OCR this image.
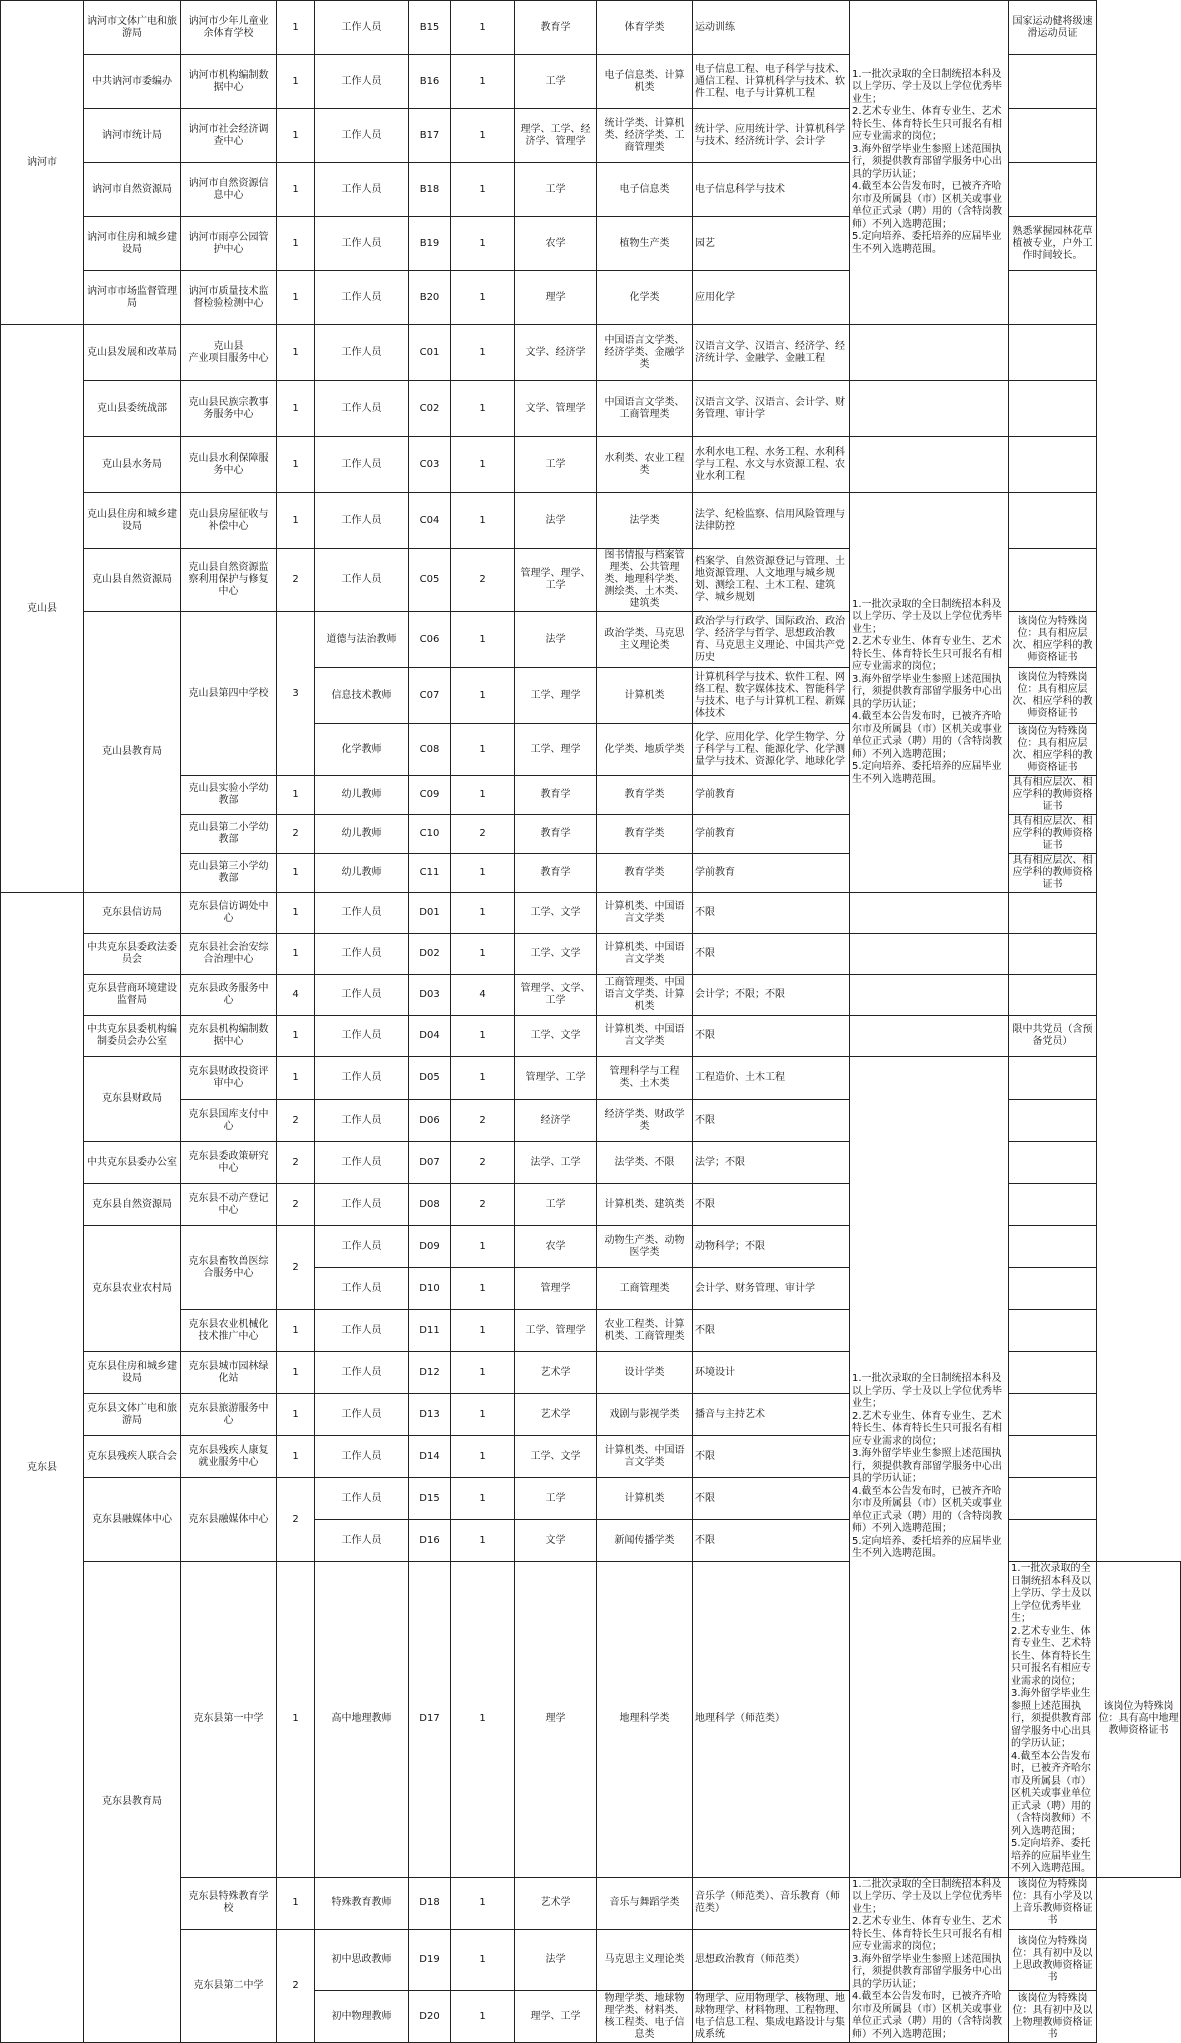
讷河市	讷河市文体广电和旅游局	讷河市少年儿童业余体育学校	1	工作人员	B15	1	教育学	体育学类	运动训练	1.一批次录取的全日制统招本科及以上学历、学士及以上学位优秀毕业生；
2.艺术专业生、体育专业生、艺术特长生、体育特长生只可报名有相应专业需求的岗位；
3.海外留学毕业生参照上述范围执行，须提供教育部留学服务中心出具的学历认证；
4.截至本公告发布时，已被齐齐哈尔市及所属县（市）区机关或事业单位正式录（聘）用的（含特岗教师）不列入选聘范围；
5.定向培养、委托培养的应届毕业生不列入选聘范围。	国家运动健将级速滑运动员证	
	中共讷河市委编办	讷河市机构编制数据中心	1	工作人员	B16	1	工学	电子信息类、计算机类	电子信息工程、电子科学与技术、通信工程、计算机科学与技术、软件工程、电子与计算机工程			
	讷河市统计局	讷河市社会经济调查中心	1	工作人员	B17	1	理学、工学、经济学、管理学	统计学类、计算机类、经济学类、工商管理类	统计学、应用统计学、计算机科学与技术、经济统计学、会计学			
	讷河市自然资源局	讷河市自然资源信息中心	1	工作人员	B18	1	工学	电子信息类	电子信息科学与技术			
	讷河市住房和城乡建设局	讷河市雨亭公园管护中心	1	工作人员	B19	1	农学	植物生产类	园艺		熟悉掌握园林花草植被专业，户外工作时间较长。	
	讷河市市场监督管理局	讷河市质量技术监督检验检测中心	1	工作人员	B20	1	理学	化学类	应用化学			
克山县	克山县发展和改革局	克山县
产业项目服务中心	1	工作人员	C01	1	文学、经济学	中国语言文学类、经济学类、金融学类	汉语言文学、汉语言、经济学、经济统计学、金融学、金融工程			
	克山县委统战部	克山县民族宗教事务服务中心	1	工作人员	C02	1	文学、管理学	中国语言文学类、工商管理类	汉语言文学、汉语言、会计学、财务管理、审计学			
	克山县水务局	克山县水利保障服务中心	1	工作人员	C03	1	工学	水利类、农业工程类	水利水电工程、水务工程、水利科学与工程、水文与水资源工程、农业水利工程			
	克山县住房和城乡建设局	克山县房屋征收与补偿中心	1	工作人员	C04	1	法学	法学类	法学、纪检监察、信用风险管理与法律防控	1.一批次录取的全日制统招本科及以上学历、学士及以上学位优秀毕业生；
2.艺术专业生、体育专业生、艺术特长生、体育特长生只可报名有相应专业需求的岗位；
3.海外留学毕业生参照上述范围执行，须提供教育部留学服务中心出具的学历认证；
4.截至本公告发布时，已被齐齐哈尔市及所属县（市）区机关或事业单位正式录（聘）用的（含特岗教师）不列入选聘范围；
5.定向培养、委托培养的应届毕业生不列入选聘范围。		
	克山县自然资源局	克山县自然资源监察利用保护与修复中心	2	工作人员	C05	2	管理学、理学、工学	图书情报与档案管理类、公共管理类、地理科学类、测绘类、土木类、建筑类	档案学、自然资源登记与管理、土地资源管理、人文地理与城乡规划、测绘工程、土木工程、建筑学、城乡规划			
	克山县教育局	克山县第四中学校	3	道德与法治教师	C06	1	法学	政治学类、马克思主义理论类	政治学与行政学、国际政治、政治学、经济学与哲学、思想政治教育、马克思主义理论、中国共产党历史		该岗位为特殊岗位：具有相应层次、相应学科的教师资格证书	
				信息技术教师	C07	1	工学、理学	计算机类	计算机科学与技术、软件工程、网络工程、数字媒体技术、智能科学与技术、电子与计算机工程、新媒体技术		该岗位为特殊岗位：具有相应层次、相应学科的教师资格证书	
				化学教师	C08	1	工学、理学	化学类、地质学类	化学、应用化学、化学生物学、分子科学与工程、能源化学、化学测量学与技术、资源化学、地球化学		该岗位为特殊岗位：具有相应层次、相应学科的教师资格证书	
		克山县实验小学幼教部	1	幼儿教师	C09	1	教育学	教育学类	学前教育		具有相应层次、相应学科的教师资格证书	
		克山县第二小学幼教部	2	幼儿教师	C10	2	教育学	教育学类	学前教育		具有相应层次、相应学科的教师资格证书	
		克山县第三小学幼教部	1	幼儿教师	C11	1	教育学	教育学类	学前教育		具有相应层次、相应学科的教师资格证书	
克东县	克东县信访局	克东县信访调处中心	1	工作人员	D01	1	工学、文学	计算机类、中国语言文学类	不限			
	中共克东县委政法委员会	克东县社会治安综合治理中心	1	工作人员	D02	1	工学、文学	计算机类、中国语言文学类	不限			
	克东县营商环境建设监督局	克东县政务服务中心	4	工作人员	D03	4	管理学、文学、工学	工商管理类、中国语言文学类、计算机类	会计学；不限；不限			
	中共克东县委机构编制委员会办公室	克东县机构编制数据中心	1	工作人员	D04	1	工学、文学	计算机类、中国语言文学类	不限		限中共党员（含预备党员）	
	克东县财政局	克东县财政投资评审中心	1	工作人员	D05	1	管理学、工学	管理科学与工程类、土木类	工程造价、土木工程	1.一批次录取的全日制统招本科及以上学历、学士及以上学位优秀毕业生；
2.艺术专业生、体育专业生、艺术特长生、体育特长生只可报名有相应专业需求的岗位；
3.海外留学毕业生参照上述范围执行，须提供教育部留学服务中心出具的学历认证；
4.截至本公告发布时，已被齐齐哈尔市及所属县（市）区机关或事业单位正式录（聘）用的（含特岗教师）不列入选聘范围；
5.定向培养、委托培养的应届毕业生不列入选聘范围。		
		克东县国库支付中心	2	工作人员	D06	2	经济学	经济学类、财政学类	不限			
	中共克东县委办公室	克东县委政策研究中心	2	工作人员	D07	2	法学、工学	法学类、不限	法学；不限			
	克东县自然资源局	克东县不动产登记中心	2	工作人员	D08	2	工学	计算机类、建筑类	不限			
	克东县农业农村局	克东县畜牧兽医综合服务中心	2	工作人员	D09	1	农学	动物生产类、动物医学类	动物科学；不限			
				工作人员	D10	1	管理学	工商管理类	会计学、财务管理、审计学			
		克东县农业机械化技术推广中心	1	工作人员	D11	1	工学、管理学	农业工程类、计算机类、工商管理类	不限			
	克东县住房和城乡建设局	克东县城市园林绿化站	1	工作人员	D12	1	艺术学	设计学类	环境设计			
	克东县文体广电和旅游局	克东县旅游服务中心	1	工作人员	D13	1	艺术学	戏剧与影视学类	播音与主持艺术			
	克东县残疾人联合会	克东县残疾人康复就业服务中心	1	工作人员	D14	1	工学、文学	计算机类、中国语言文学类	不限			
	克东县融媒体中心	克东县融媒体中心	2	工作人员	D15	1	工学	计算机类	不限			
				工作人员	D16	1	文学	新闻传播学类	不限			
	克东县教育局	克东县第一中学	1	高中地理教师	D17	1	理学	地理科学类	地理科学（师范类）		1.一批次录取的全日制统招本科及以上学历、学士及以上学位优秀毕业生；
2.艺术专业生、体育专业生、艺术特长生、体育特长生只可报名有相应专业需求的岗位；
3.海外留学毕业生参照上述范围执行，须提供教育部留学服务中心出具的学历认证；
4.截至本公告发布时，已被齐齐哈尔市及所属县（市）区机关或事业单位正式录（聘）用的（含特岗教师）不列入选聘范围；
5.定向培养、委托培养的应届毕业生不列入选聘范围。	该岗位为特殊岗位：具有高中地理教师资格证书
		克东县特殊教育学校	1	特殊教育教师	D18	1	艺术学	音乐与舞蹈学类	音乐学（师范类）、音乐教育（师范类）	1.二批次录取的全日制统招本科及以上学历、学士及以上学位优秀毕业生；
2.艺术专业生、体育专业生、艺术特长生、体育特长生只可报名有相应专业需求的岗位；
3.海外留学毕业生参照上述范围执行，须提供教育部留学服务中心出具的学历认证；
4.截至本公告发布时，已被齐齐哈尔市及所属县（市）区机关或事业单位正式录（聘）用的（含特岗教师）不列入选聘范围；	该岗位为特殊岗位：具有小学及以上音乐教师资格证书	
		克东县第二中学	2	初中思政教师	D19	1	法学	马克思主义理论类	思想政治教育（师范类）		该岗位为特殊岗位：具有初中及以上思政教师资格证书	
				初中物理教师	D20	1	理学、工学	物理学类、地球物理学类、材料类、核工程类、电子信息类	物理学、应用物理学、核物理、地球物理学、材料物理、工程物理、电子信息工程、集成电路设计与集成系统		该岗位为特殊岗位：具有初中及以上物理教师资格证书	
